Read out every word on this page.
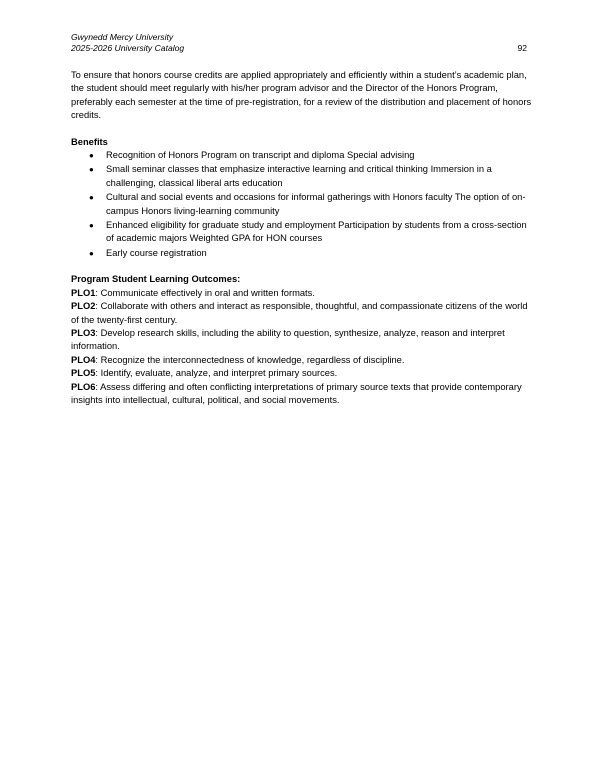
Gwynedd Mercy University
2025-2026 University Catalog	92

To ensure that honors course credits are applied appropriately and efficiently within a student’s academic plan, the student should meet regularly with his/her program advisor and the Director of the Honors Program, preferably each semester at the time of pre-registration, for a review of the distribution and placement of honors credits.

Benefits

● Recognition of Honors Program on transcript and diploma Special advising
● Small seminar classes that emphasize interactive learning and critical thinking Immersion in a challenging, classical liberal arts education
● Cultural and social events and occasions for informal gatherings with Honors faculty The option of on- campus Honors living-learning community
● Enhanced eligibility for graduate study and employment Participation by students from a cross-section of academic majors Weighted GPA for HON courses
● Early course registration

Program Student Learning Outcomes:

PLO1: Communicate effectively in oral and written formats.

PLO2: Collaborate with others and interact as responsible, thoughtful, and compassionate citizens of the world of the twenty-first century.

PLO3: Develop research skills, including the ability to question, synthesize, analyze, reason and interpret information.

PLO4: Recognize the interconnectedness of knowledge, regardless of discipline.

PLO5: Identify, evaluate, analyze, and interpret primary sources.

PLO6: Assess differing and often conflicting interpretations of primary source texts that provide contemporary insights into intellectual, cultural, political, and social movements.
